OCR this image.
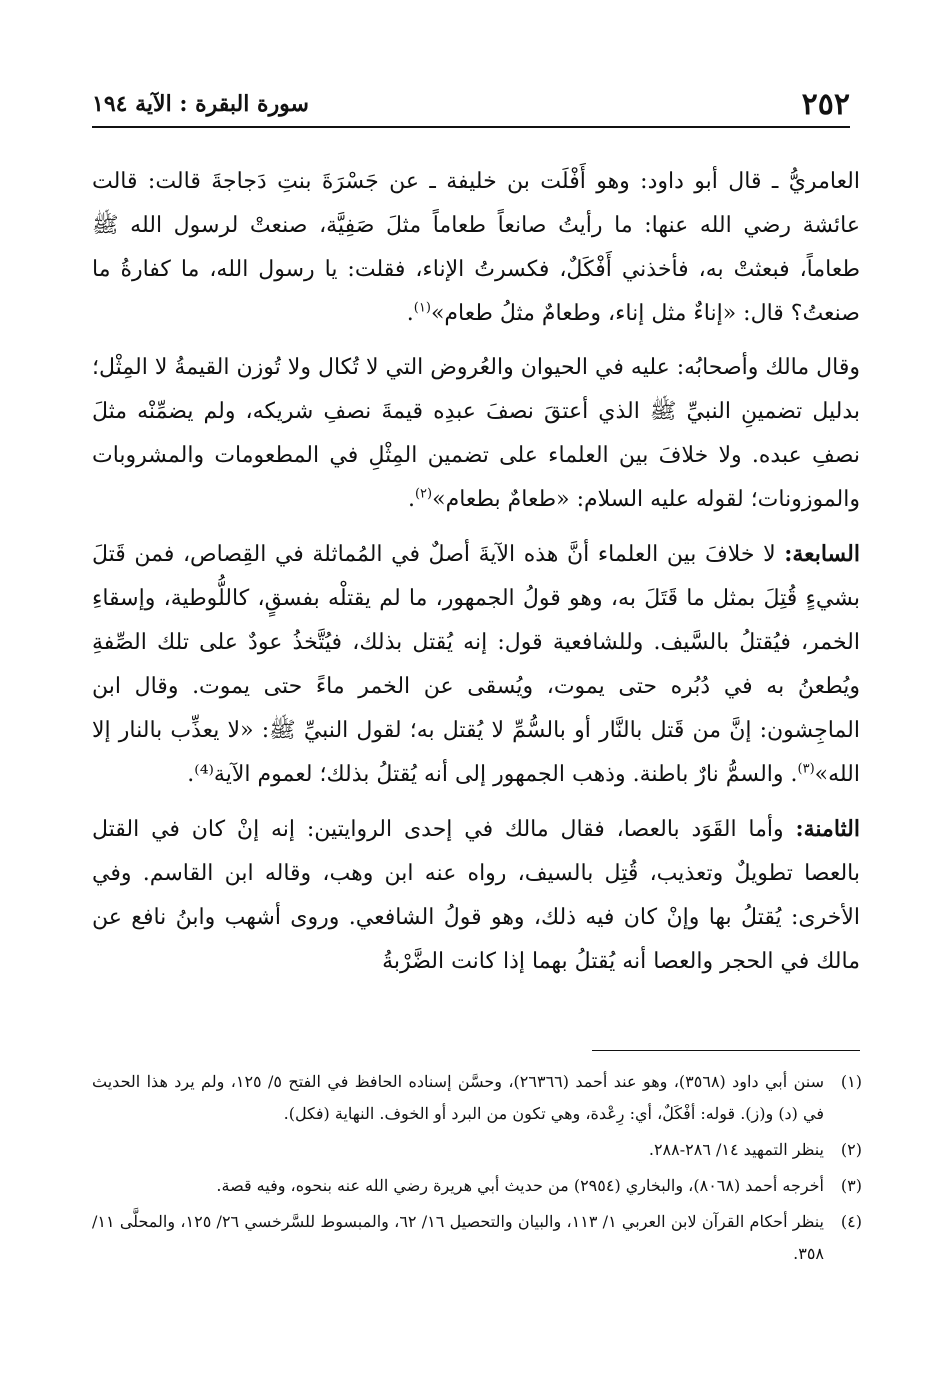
٢٥٢
سورة البقرة : الآية ١٩٤

العامريُّ ـ قال أبو داود: وهو أَفْلَت بن خليفة ـ عن جَسْرَةَ بنتِ دَجاجةَ قالت: قالت عائشة رضي الله عنها: ما رأيتُ صانعاً طعاماً مثلَ صَفِيَّة، صنعتْ لرسول الله ﷺ طعاماً، فبعثتْ به، فأخذني أَفْكَلٌ، فكسرتُ الإناء، فقلت: يا رسول الله، ما كفارةُ ما صنعتُ؟ قال: «إناءٌ مثل إناء، وطعامٌ مثلُ طعام»$^{(١)}$.

وقال مالك وأصحابُه: عليه في الحيوان والعُروض التي لا تُكال ولا تُوزن القيمةُ لا المِثْل؛ بدليل تضمينِ النبيِّ ﷺ الذي أعتقَ نصفَ عبدِه قيمةَ نصفِ شريكه، ولم يضمِّنْه مثلَ نصفِ عبده. ولا خلافَ بين العلماء على تضمين المِثْلِ في المطعومات والمشروبات والموزونات؛ لقوله عليه السلام: «طعامٌ بطعام»$^{(٢)}$.

السابعة: لا خلافَ بين العلماء أنَّ هذه الآيةَ أصلٌ في المُماثلة في القِصاص، فمن قَتلَ بشيءٍ قُتِلَ بمثل ما قَتَلَ به، وهو قولُ الجمهور، ما لم يقتلْه بفسقٍ، كاللُّوطية، وإسقاءِ الخمر، فيُقتلُ بالسَّيف. وللشافعية قول: إنه يُقتل بذلك، فيُتَّخذُ عودٌ على تلك الصِّفةِ ويُطعنُ به في دُبُره حتى يموت، ويُسقى عن الخمر ماءً حتى يموت. وقال ابن الماجِشون: إنَّ من قَتل بالنَّار أو بالسُّمِّ لا يُقتل به؛ لقول النبيِّ ﷺ: «لا يعذِّب بالنار إلا الله»$^{(٣)}$. والسمُّ نارٌ باطنة. وذهب الجمهور إلى أنه يُقتلُ بذلك؛ لعموم الآية⁽⁴⁾.

الثامنة: وأما القَوَد بالعصا، فقال مالك في إحدى الروايتين: إنه إنْ كان في القتل بالعصا تطويلٌ وتعذيب، قُتِل بالسيف، رواه عنه ابن وهب، وقاله ابن القاسم. وفي الأخرى: يُقتلُ بها وإنْ كان فيه ذلك، وهو قولُ الشافعي. وروى أشهب وابنُ نافع عن مالك في الحجر والعصا أنه يُقتلُ بهما إذا كانت الضَّرْبةُ

(١)
سنن أبي داود (٣٥٦٨)، وهو عند أحمد (٢٦٣٦٦)، وحسَّن إسناده الحافظ في الفتح ٥/ ١٢٥، ولم يرد هذا الحديث في (د) و(ز). قوله: أفْكَلٌ، أي: رِعْدة، وهي تكون من البرد أو الخوف. النهاية (فكل).
(٢)
ينظر التمهيد ١٤/ ٢٨٦-٢٨٨.
(٣)
أخرجه أحمد (٨٠٦٨)، والبخاري (٢٩٥٤) من حديث أبي هريرة رضي الله عنه بنحوه، وفيه قصة.
(٤)
ينظر أحكام القرآن لابن العربي ١/ ١١٣، والبيان والتحصيل ١٦/ ٦٢، والمبسوط للسَّرخسي ٢٦/ ١٢٥، والمحلَّى ١١/ ٣٥٨.
